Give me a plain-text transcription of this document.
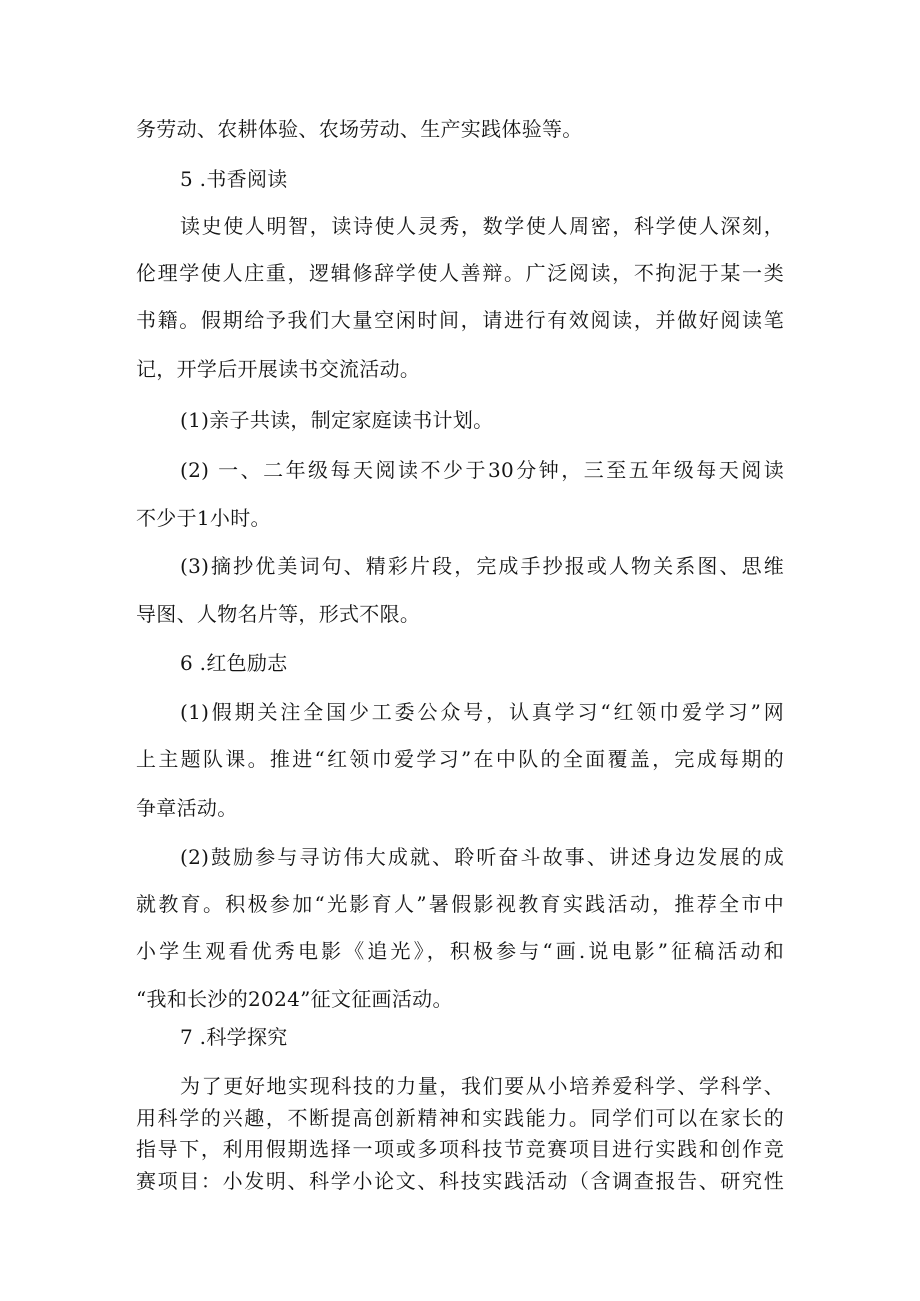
务劳动、农耕体验、农场劳动、生产实践体验等。
5 .书香阅读
读史使人明智，读诗使人灵秀，数学使人周密，科学使人深刻，
伦理学使人庄重，逻辑修辞学使人善辩。广泛阅读，不拘泥于某一类
书籍。假期给予我们大量空闲时间，请进行有效阅读，并做好阅读笔
记，开学后开展读书交流活动。
(1)亲子共读，制定家庭读书计划。
(2) 一、二年级每天阅读不少于30分钟，三至五年级每天阅读
不少于1小时。
(3)摘抄优美词句、精彩片段，完成手抄报或人物关系图、思维
导图、人物名片等，形式不限。
6 .红色励志
(1)假期关注全国少工委公众号，认真学习“红领巾爱学习”网
上主题队课。推进“红领巾爱学习”在中队的全面覆盖，完成每期的
争章活动。
(2)鼓励参与寻访伟大成就、聆听奋斗故事、讲述身边发展的成
就教育。积极参加“光影育人”暑假影视教育实践活动，推荐全市中
小学生观看优秀电影《追光》，积极参与“画.说电影”征稿活动和
“我和长沙的2024”征文征画活动。
7 .科学探究
为了更好地实现科技的力量，我们要从小培养爱科学、学科学、
用科学的兴趣，不断提高创新精神和实践能力。同学们可以在家长的
指导下，利用假期选择一项或多项科技节竞赛项目进行实践和创作竞
赛项目：小发明、科学小论文、科技实践活动（含调查报告、研究性
